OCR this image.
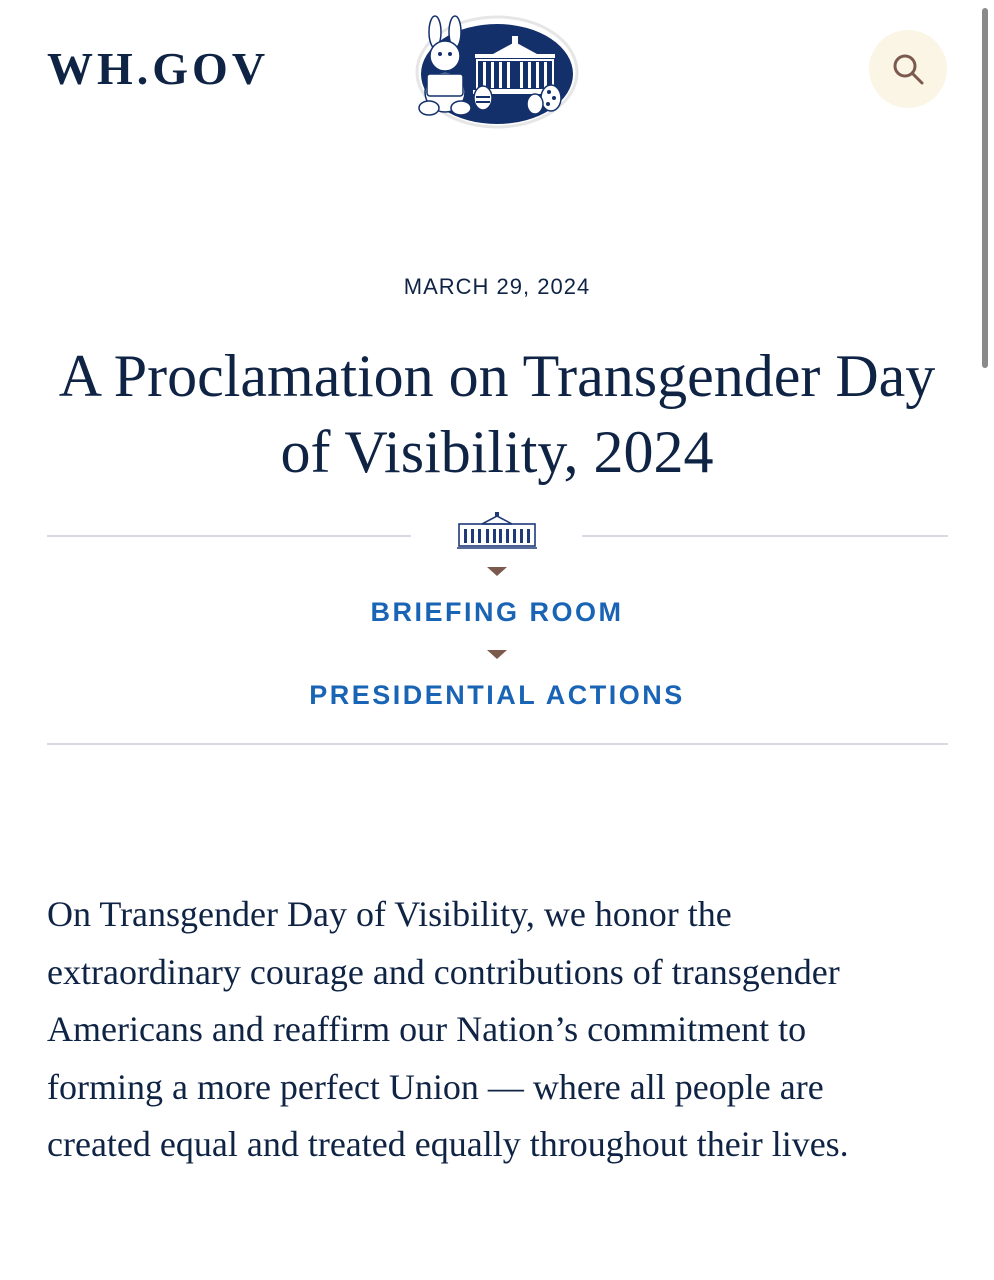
WH.GOV
MARCH 29, 2024
A Proclamation on Transgender Day of Visibility, 2024
BRIEFING ROOM
PRESIDENTIAL ACTIONS

On Transgender Day of Visibility, we honor the extraordinary courage and contributions of transgender Americans and reaffirm our Nation’s commitment to forming a more perfect Union — where all people are created equal and treated equally throughout their lives.
